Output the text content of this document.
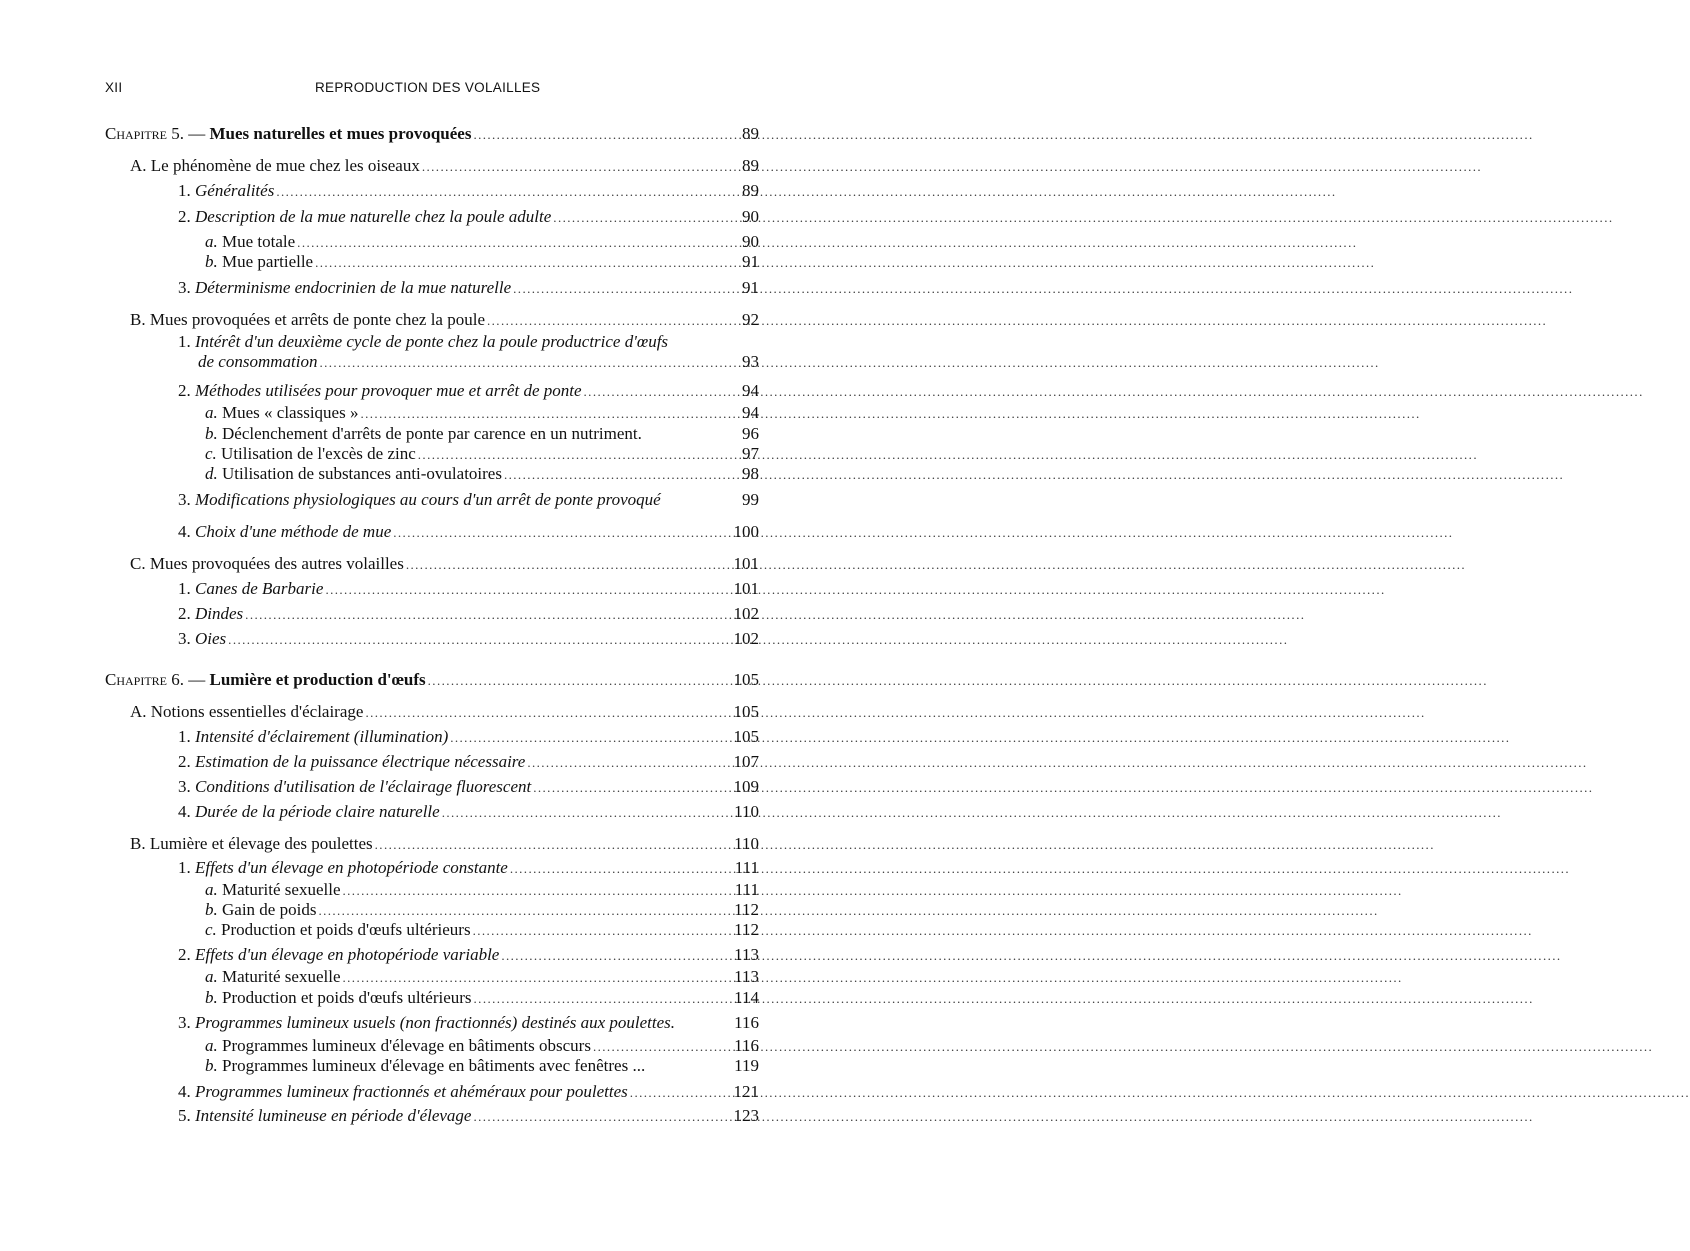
XII	REPRODUCTION DES VOLAILLES
Chapitre 5. — Mues naturelles et mues provoquées .....	89
A. Le phénomène de mue chez les oiseaux .....	89
1. Généralités .....	89
2. Description de la mue naturelle chez la poule adulte .....	90
a. Mue totale .....	90
b. Mue partielle .....	91
3. Déterminisme endocrinien de la mue naturelle .....	91
B. Mues provoquées et arrêts de ponte chez la poule .....	92
1. Intérêt d'un deuxième cycle de ponte chez la poule productrice d'œufs
de consommation .....	93
2. Méthodes utilisées pour provoquer mue et arrêt de ponte .....	94
a. Mues « classiques » .....	94
b. Déclenchement d'arrêts de ponte par carence en un nutriment.	96
c. Utilisation de l'excès de zinc .....	97
d. Utilisation de substances anti-ovulatoires .....	98
3. Modifications physiologiques au cours d'un arrêt de ponte provoqué	99
4. Choix d'une méthode de mue .....	100
C. Mues provoquées des autres volailles .....	101
1. Canes de Barbarie .....	101
2. Dindes .....	102
3. Oies .....	102
Chapitre 6. — Lumière et production d'œufs .....	105
A. Notions essentielles d'éclairage .....	105
1. Intensité d'éclairement (illumination) .....	105
2. Estimation de la puissance électrique nécessaire .....	107
3. Conditions d'utilisation de l'éclairage fluorescent .....	109
4. Durée de la période claire naturelle .....	110
B. Lumière et élevage des poulettes .....	110
1. Effets d'un élevage en photopériode constante .....	111
a. Maturité sexuelle .....	111
b. Gain de poids .....	112
c. Production et poids d'œufs ultérieurs .....	112
2. Effets d'un élevage en photopériode variable .....	113
a. Maturité sexuelle .....	113
b. Production et poids d'œufs ultérieurs .....	114
3. Programmes lumineux usuels (non fractionnés) destinés aux poulettes.	116
a. Programmes lumineux d'élevage en bâtiments obscurs .....	116
b. Programmes lumineux d'élevage en bâtiments avec fenêtres ...	119
4. Programmes lumineux fractionnés et ahéméraux pour poulettes .....	121
5. Intensité lumineuse en période d'élevage .....	123
